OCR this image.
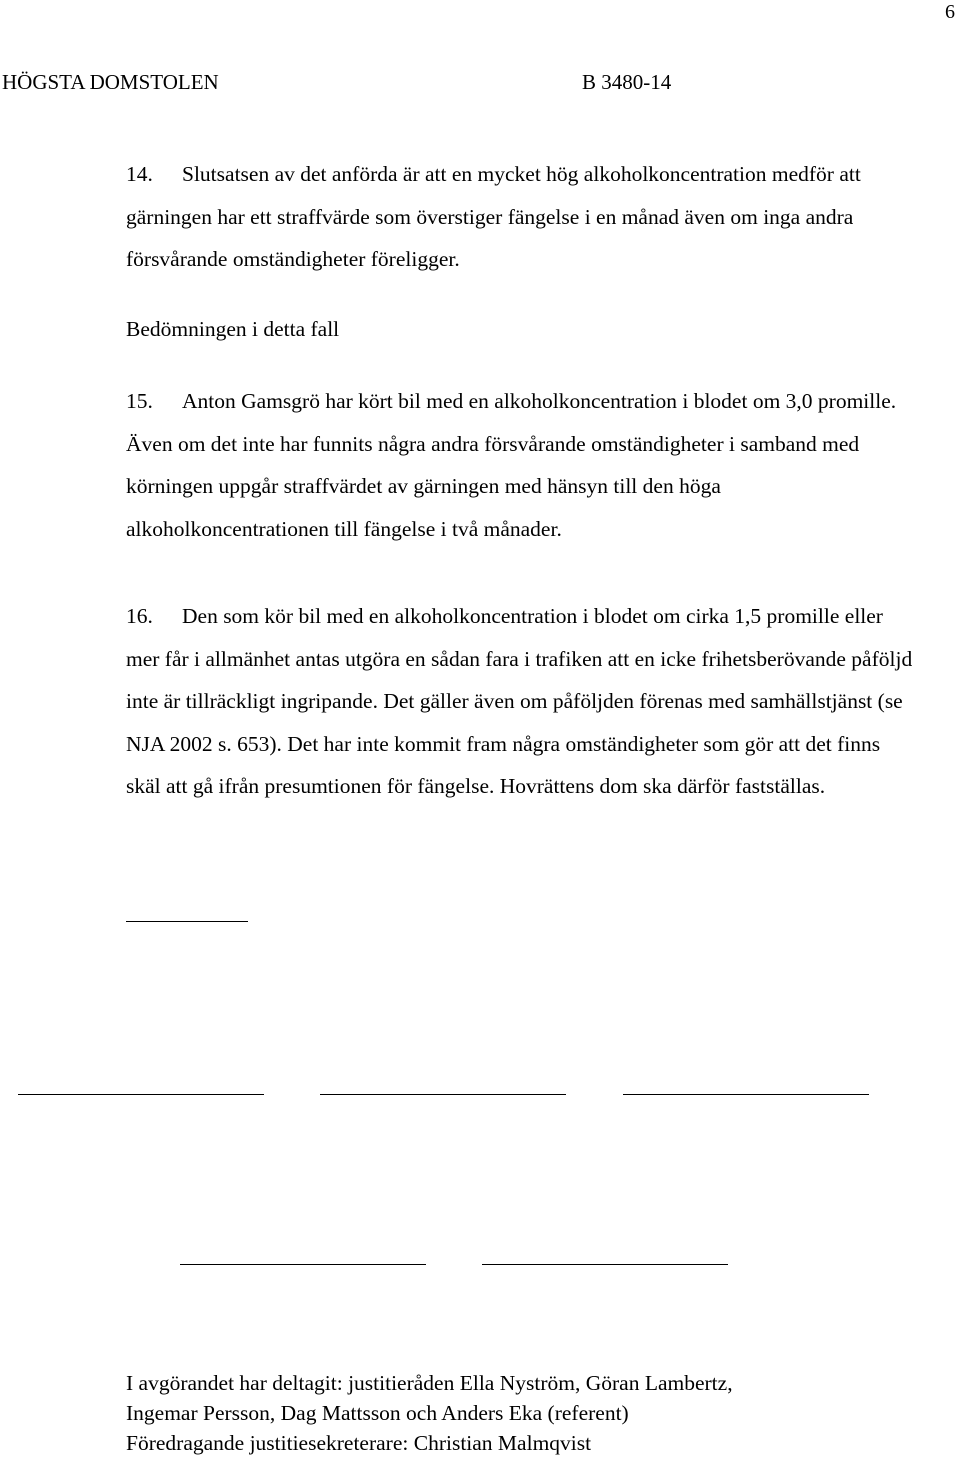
6
HÖGSTA DOMSTOLEN	B 3480-14

14. Slutsatsen av det anförda är att en mycket hög alkoholkoncentration medför att gärningen har ett straffvärde som överstiger fängelse i en månad även om inga andra försvårande omständigheter föreligger.

Bedömningen i detta fall

15. Anton Gamsgrö har kört bil med en alkoholkoncentration i blodet om 3,0 promille. Även om det inte har funnits några andra försvårande omständigheter i samband med körningen uppgår straffvärdet av gärningen med hänsyn till den höga alkoholkoncentrationen till fängelse i två månader.

16. Den som kör bil med en alkoholkoncentration i blodet om cirka 1,5 promille eller mer får i allmänhet antas utgöra en sådan fara i trafiken att en icke frihetsberövande påföljd inte är tillräckligt ingripande. Det gäller även om påföljden förenas med samhällstjänst (se NJA 2002 s. 653). Det har inte kommit fram några omständigheter som gör att det finns skäl att gå ifrån presumtionen för fängelse. Hovrättens dom ska därför fastställas.

I avgörandet har deltagit: justitieråden Ella Nyström, Göran Lambertz,
Ingemar Persson, Dag Mattsson och Anders Eka (referent)
Föredragande justitiesekreterare: Christian Malmqvist
